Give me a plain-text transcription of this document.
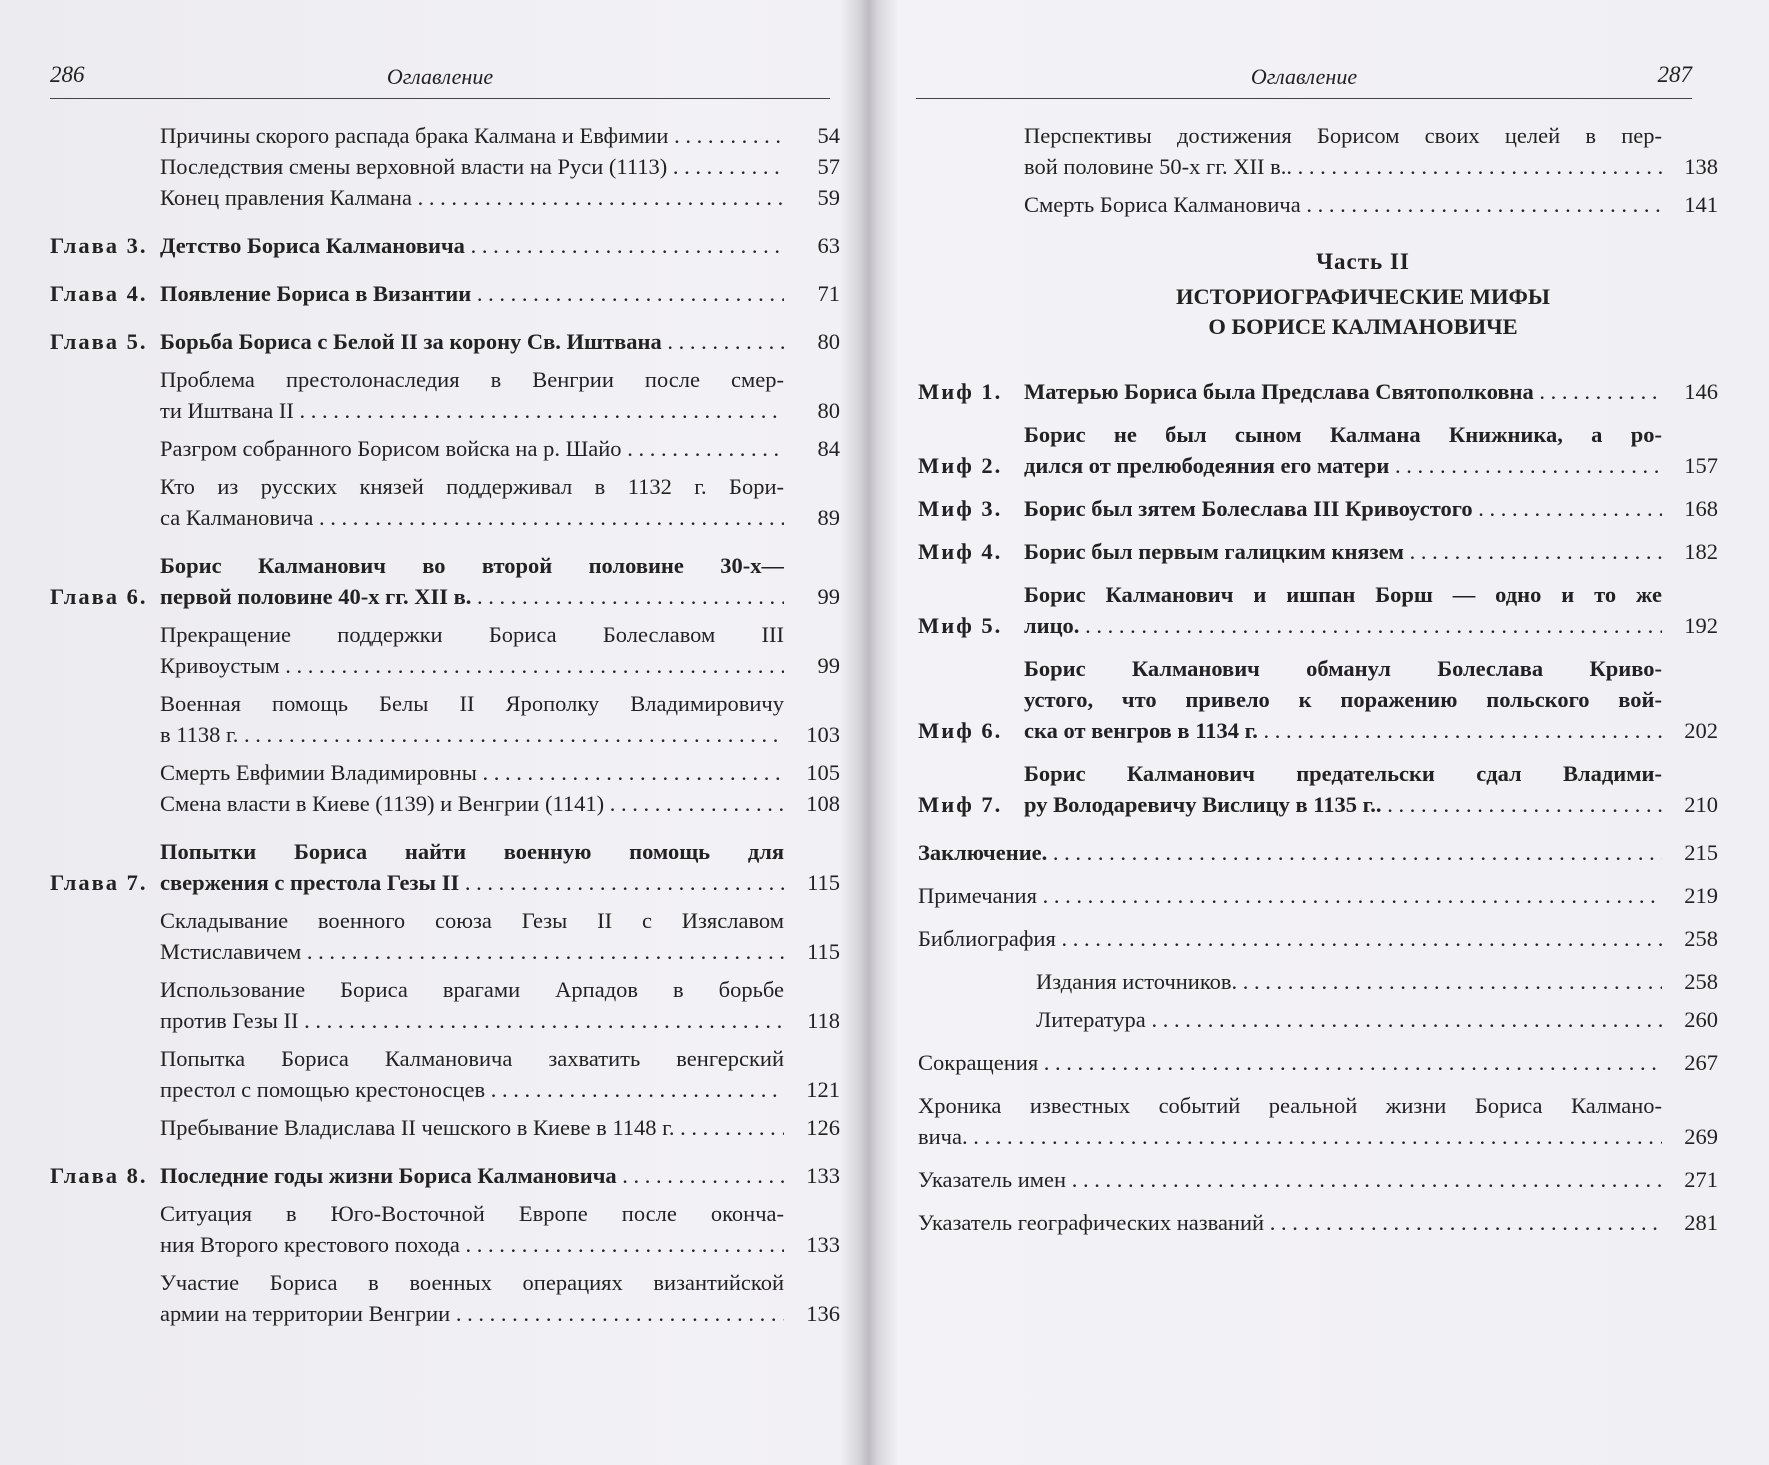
286	Оглавление
Причины скорого распада брака Калмана и Евфимии . . .	54
Последствия смены верховной власти на Руси (1113) . . .	57
Конец правления Калмана . . .	59
Глава 3. Детство Бориса Калмановича . . .	63
Глава 4. Появление Бориса в Византии . . .	71
Глава 5. Борьба Бориса с Белой II за корону Св. Иштвана . . .	80
Проблема престолонаследия в Венгрии после смер-
ти Иштвана II . . .	80
Разгром собранного Борисом войска на р. Шайо . . .	84
Кто из русских князей поддерживал в 1132 г. Бори-
са Калмановича . . .	89
Глава 6.
Борис Калманович во второй половине 30-х—
первой половине 40-х гг. XII в. . . .	99
Прекращение поддержки Бориса Болеславом III
Кривоустым . . .	99
Военная помощь Белы II Ярополку Владимировичу
в 1138 г. . . .	103
Смерть Евфимии Владимировны . . .	105
Смена власти в Киеве (1139) и Венгрии (1141) . . .	108
Глава 7.
Попытки Бориса найти военную помощь для
свержения с престола Гезы II . . .	115
Складывание военного союза Гезы II с Изяславом
Мстиславичем . . .	115
Использование Бориса врагами Арпадов в борьбе
против Гезы II . . .	118
Попытка Бориса Калмановича захватить венгерский
престол с помощью крестоносцев . . .	121
Пребывание Владислава II чешского в Киеве в 1148 г. . . .	126
Глава 8. Последние годы жизни Бориса Калмановича . . .	133
Ситуация в Юго-Восточной Европе после оконча-
ния Второго крестового похода . . .	133
Участие Бориса в военных операциях византийской
армии на территории Венгрии . . .	136
Оглавление	287
Перспективы достижения Борисом своих целей в пер-
вой половине 50-х гг. XII в.. . . .	138
Смерть Бориса Калмановича . . .	141
Часть II
ИСТОРИОГРАФИЧЕСКИЕ МИФЫ
О БОРИСЕ КАЛМАНОВИЧЕ
Миф 1. Матерью Бориса была Предслава Святополковна . . .	146
Миф 2.
Борис не был сыном Калмана Книжника, а ро-
дился от прелюбодеяния его матери . . .	157
Миф 3. Борис был зятем Болеслава III Кривоустого . . .	168
Миф 4. Борис был первым галицким князем . . .	182
Миф 5.
Борис Калманович и ишпан Борш — одно и то же
лицо. . . .	192
Миф 6.
Борис Калманович обманул Болеслава Криво-
устого, что привело к поражению польского вой-
ска от венгров в 1134 г. . . .	202
Миф 7.
Борис Калманович предательски сдал Владими-
ру Володаревичу Вислицу в 1135 г.. . . .	210
Заключение. . . .	215
Примечания . . .	219
Библиография . . .	258
Издания источников. . . .	258
Литература . . .	260
Сокращения . . .	267
Хроника известных событий реальной жизни Бориса Калмано-
вича. . . .	269
Указатель имен . . .	271
Указатель географических названий . . .	281
